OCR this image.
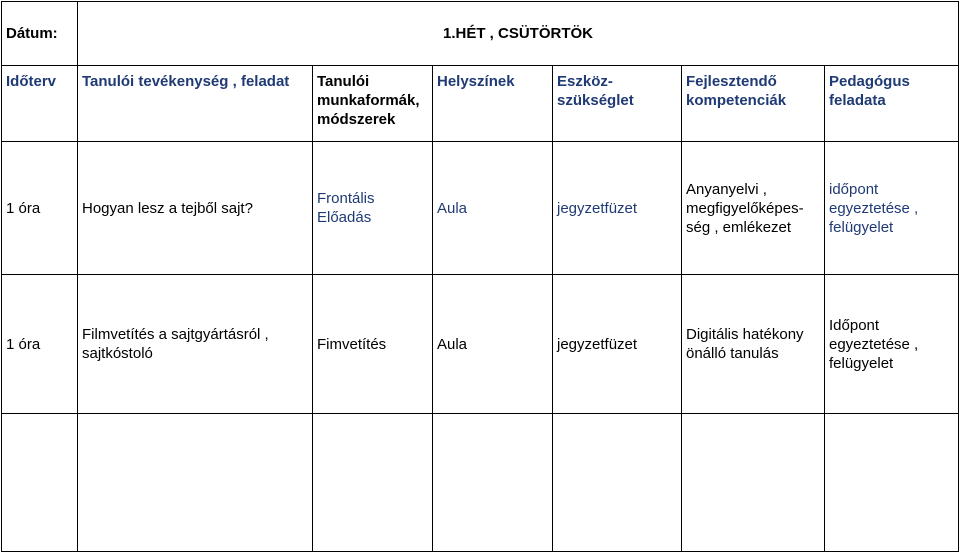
Dátum:	1.HÉT , CSÜTÖRTÖK					
Időterv	Tanulói tevékenység , feladat	Tanulói munkaformák, módszerek	Helyszínek	Eszköz-szükséglet	Fejlesztendő kompetenciák	Pedagógus feladata
1 óra	Hogyan lesz a tejből sajt?	Frontális Előadás	Aula	jegyzetfüzet	Anyanyelvi , megfigyelőképes-ség , emlékezet	időpont egyeztetése , felügyelet
1 óra	Filmvetítés a sajtgyártásról , sajtkóstoló	Fimvetítés	Aula	jegyzetfüzet	Digitális hatékony önálló tanulás	Időpont egyeztetése , felügyelet
